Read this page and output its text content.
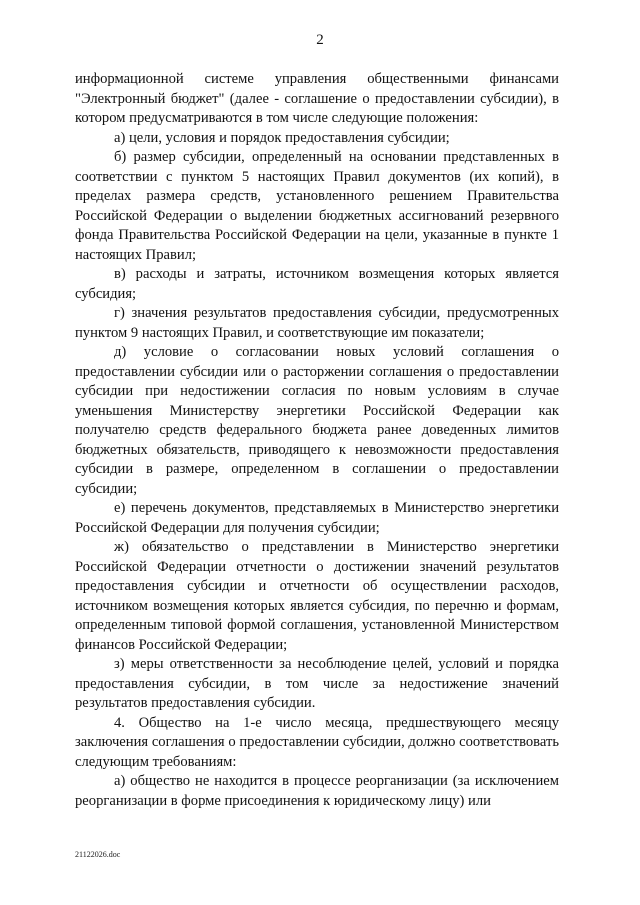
2

информационной системе управления общественными финансами "Электронный бюджет" (далее - соглашение о предоставлении субсидии), в котором предусматриваются в том числе следующие положения:

а) цели, условия и порядок предоставления субсидии;

б) размер субсидии, определенный на основании представленных в соответствии с пунктом 5 настоящих Правил документов (их копий), в пределах размера средств, установленного решением Правительства Российской Федерации о выделении бюджетных ассигнований резервного фонда Правительства Российской Федерации на цели, указанные в пункте 1 настоящих Правил;

в) расходы и затраты, источником возмещения которых является субсидия;

г) значения результатов предоставления субсидии, предусмотренных пунктом 9 настоящих Правил, и соответствующие им показатели;

д) условие о согласовании новых условий соглашения о предоставлении субсидии или о расторжении соглашения о предоставлении субсидии при недостижении согласия по новым условиям в случае уменьшения Министерству энергетики Российской Федерации как получателю средств федерального бюджета ранее доведенных лимитов бюджетных обязательств, приводящего к невозможности предоставления субсидии в размере, определенном в соглашении о предоставлении субсидии;

е) перечень документов, представляемых в Министерство энергетики Российской Федерации для получения субсидии;

ж) обязательство о представлении в Министерство энергетики Российской Федерации отчетности о достижении значений результатов предоставления субсидии и отчетности об осуществлении расходов, источником возмещения которых является субсидия, по перечню и формам, определенным типовой формой соглашения, установленной Министерством финансов Российской Федерации;

з) меры ответственности за несоблюдение целей, условий и порядка предоставления субсидии, в том числе за недостижение значений результатов предоставления субсидии.

4. Общество на 1-е число месяца, предшествующего месяцу заключения соглашения о предоставлении субсидии, должно соответствовать следующим требованиям:

а) общество не находится в процессе реорганизации (за исключением реорганизации в форме присоединения к юридическому лицу) или

21122026.doc
